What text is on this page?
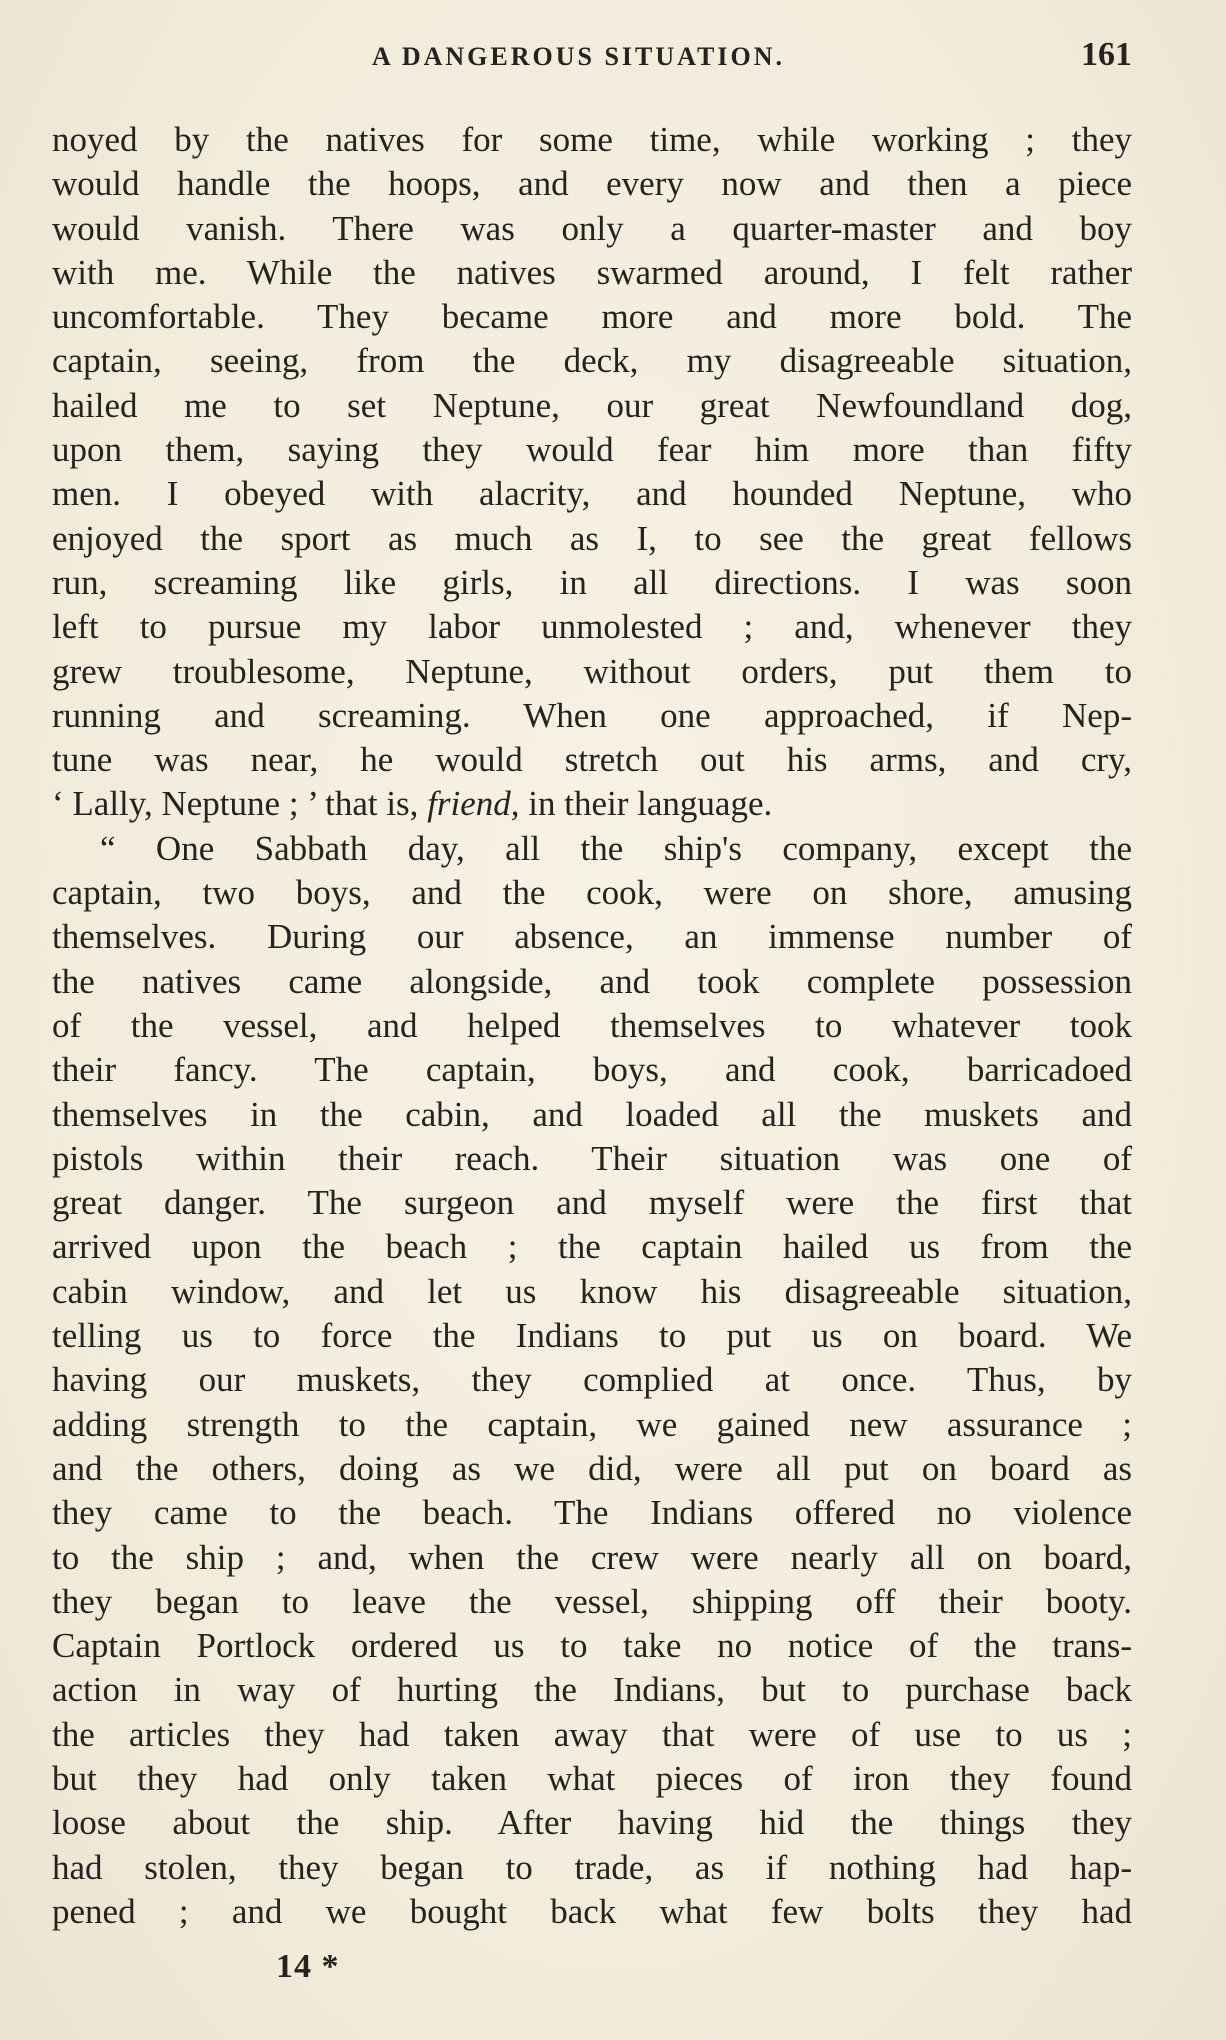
A DANGEROUS SITUATION.	161
noyed by the natives for some time, while working ; they
would handle the hoops, and every now and then a piece
would vanish. There was only a quarter-master and boy
with me. While the natives swarmed around, I felt rather
uncomfortable. They became more and more bold. The
captain, seeing, from the deck, my disagreeable situation,
hailed me to set Neptune, our great Newfoundland dog,
upon them, saying they would fear him more than fifty
men. I obeyed with alacrity, and hounded Neptune, who
enjoyed the sport as much as I, to see the great fellows
run, screaming like girls, in all directions. I was soon
left to pursue my labor unmolested ; and, whenever they
grew troublesome, Neptune, without orders, put them to
running and screaming. When one approached, if Nep-
tune was near, he would stretch out his arms, and cry,
‘ Lally, Neptune ; ’ that is, friend, in their language.
“ One Sabbath day, all the ship's company, except the
captain, two boys, and the cook, were on shore, amusing
themselves. During our absence, an immense number of
the natives came alongside, and took complete possession
of the vessel, and helped themselves to whatever took
their fancy. The captain, boys, and cook, barricadoed
themselves in the cabin, and loaded all the muskets and
pistols within their reach. Their situation was one of
great danger. The surgeon and myself were the first that
arrived upon the beach ; the captain hailed us from the
cabin window, and let us know his disagreeable situation,
telling us to force the Indians to put us on board. We
having our muskets, they complied at once. Thus, by
adding strength to the captain, we gained new assurance ;
and the others, doing as we did, were all put on board as
they came to the beach. The Indians offered no violence
to the ship ; and, when the crew were nearly all on board,
they began to leave the vessel, shipping off their booty.
Captain Portlock ordered us to take no notice of the trans-
action in way of hurting the Indians, but to purchase back
the articles they had taken away that were of use to us ;
but they had only taken what pieces of iron they found
loose about the ship. After having hid the things they
had stolen, they began to trade, as if nothing had hap-
pened ; and we bought back what few bolts they had
14 *
